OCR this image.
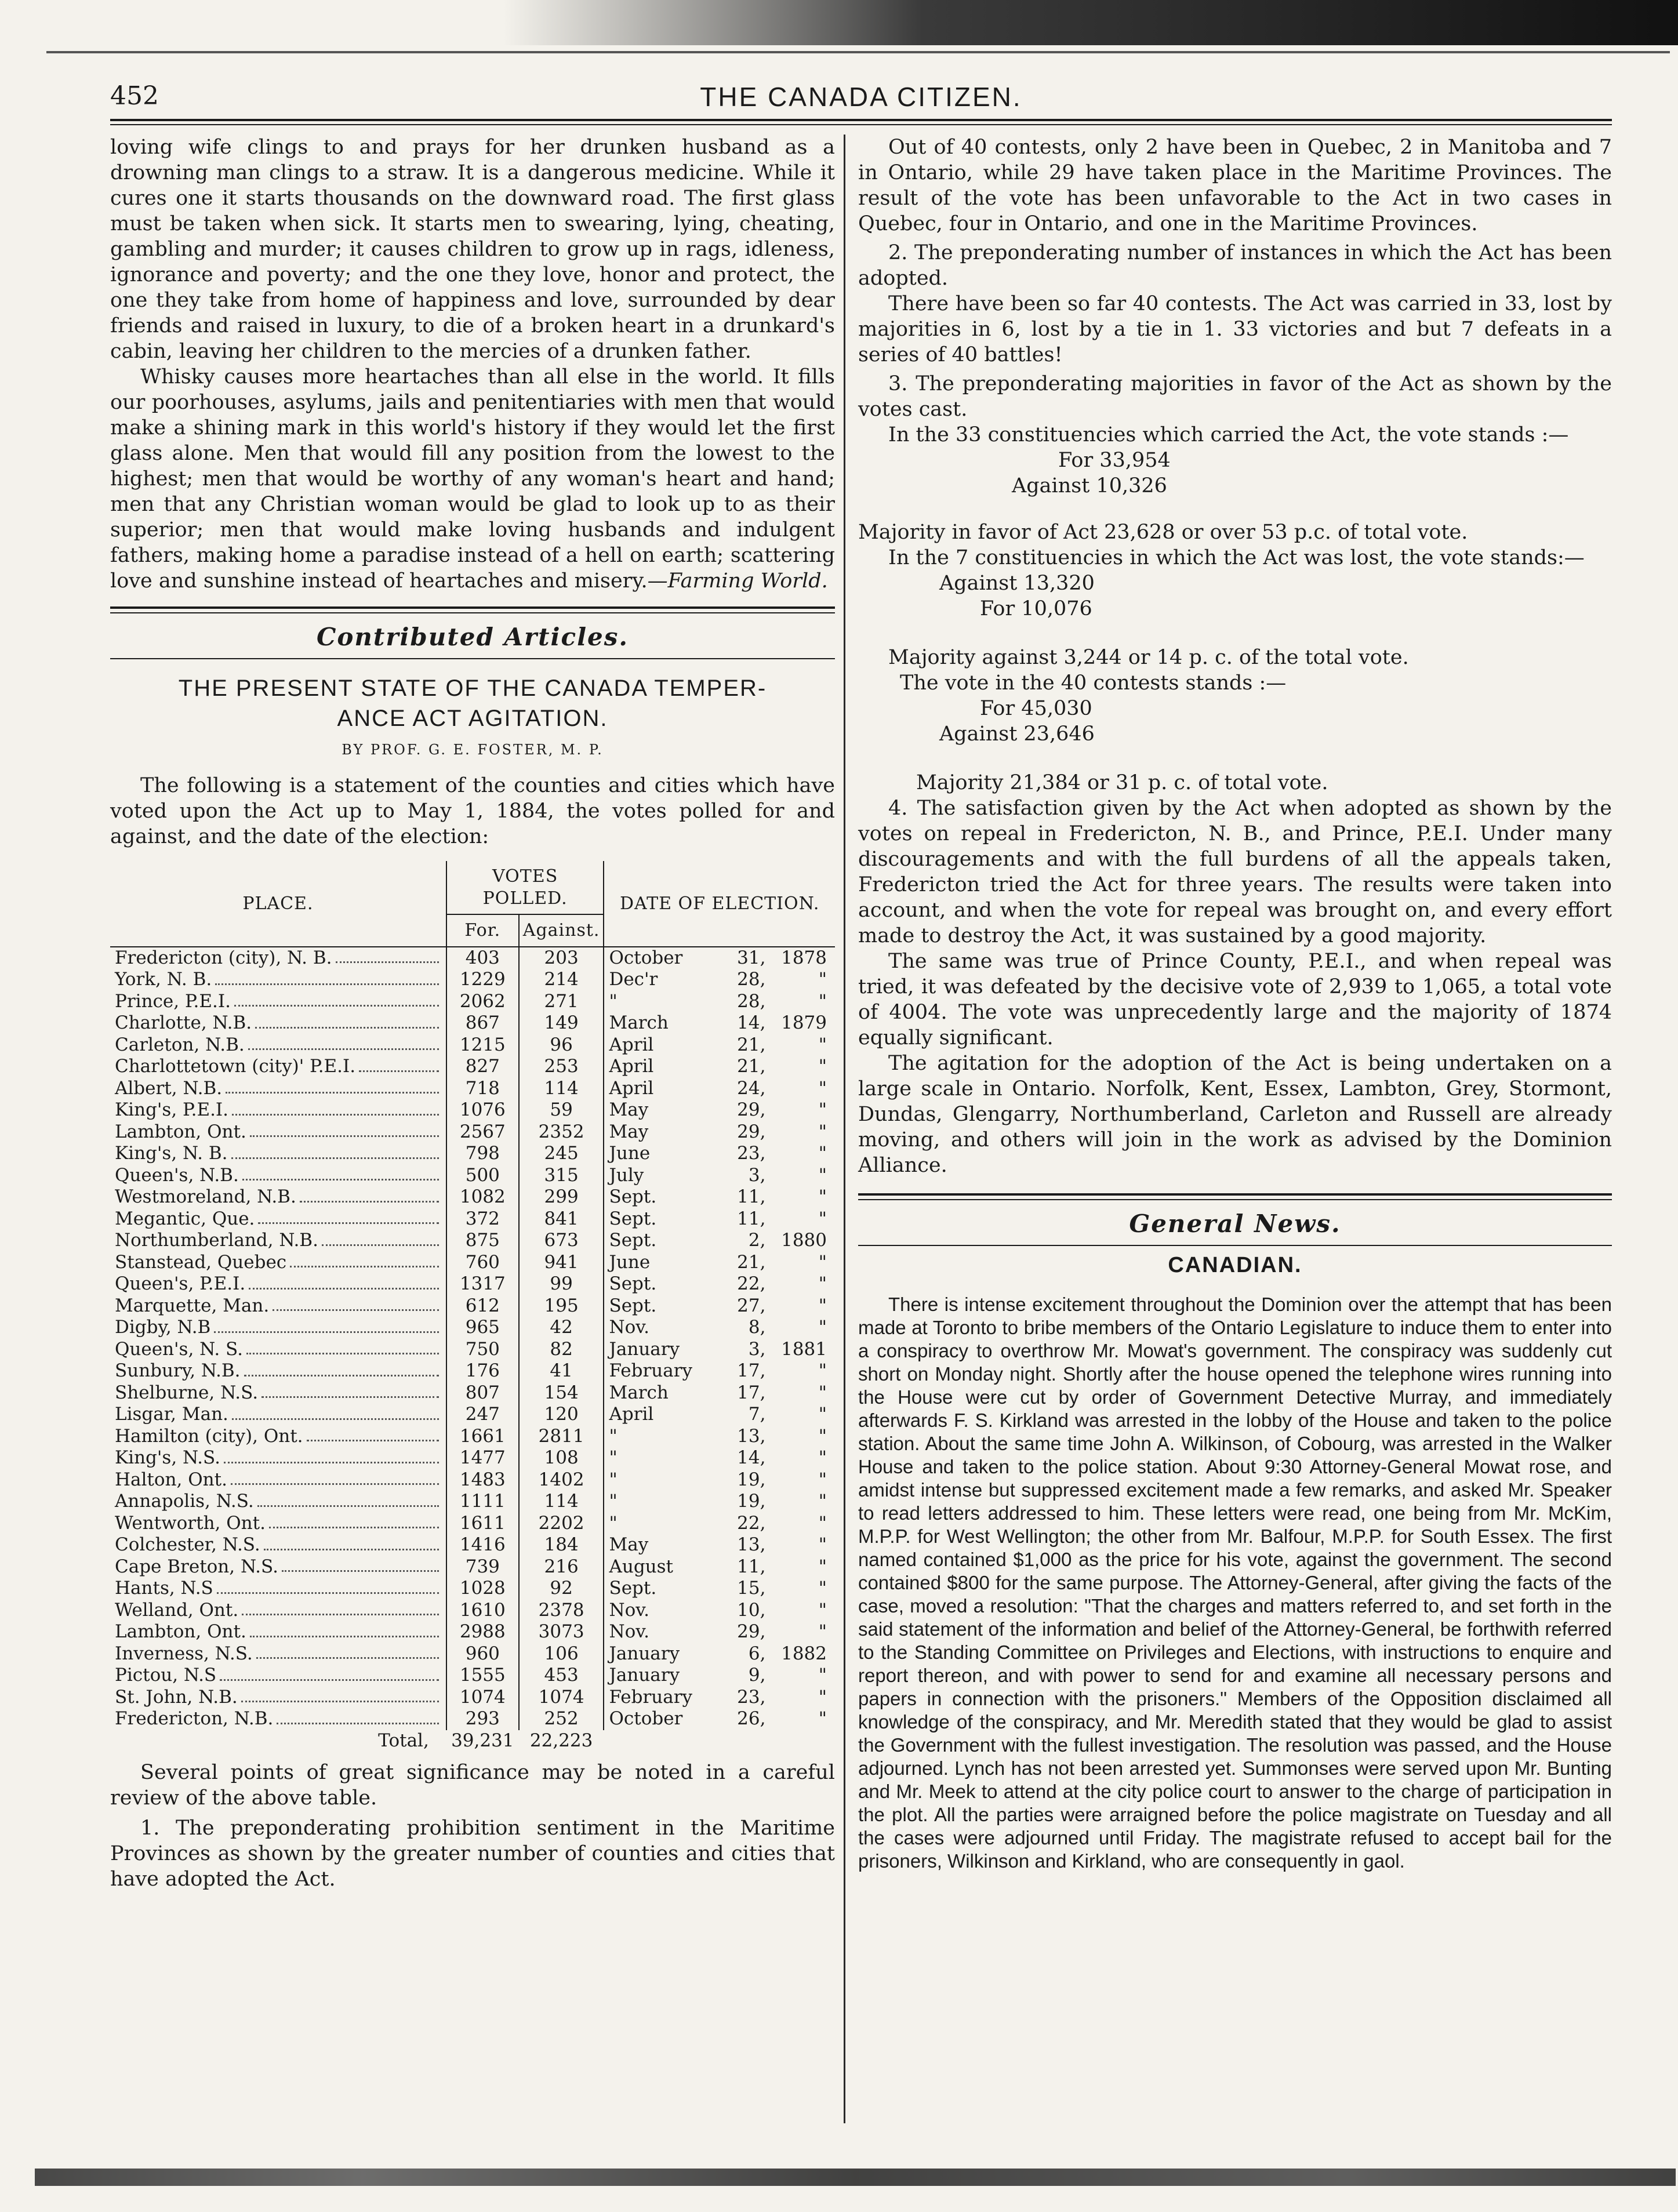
452	THE CANADA CITIZEN.

loving wife clings to and prays for her drunken husband as a drowning man clings to a straw. It is a dangerous medicine. While it cures one it starts thousands on the downward road. The first glass must be taken when sick. It starts men to swearing, lying, cheating, gambling and murder; it causes children to grow up in rags, idleness, ignorance and poverty; and the one they love, honor and protect, the one they take from home of happiness and love, surrounded by dear friends and raised in luxury, to die of a broken heart in a drunkard's cabin, leaving her children to the mercies of a drunken father.

Whisky causes more heartaches than all else in the world. It fills our poorhouses, asylums, jails and penitentiaries with men that would make a shining mark in this world's history if they would let the first glass alone. Men that would fill any position from the lowest to the highest; men that would be worthy of any woman's heart and hand; men that any Christian woman would be glad to look up to as their superior; men that would make loving husbands and indulgent fathers, making home a paradise instead of a hell on earth; scattering love and sunshine instead of heartaches and misery.—Farming World.

Contributed Articles.
THE PRESENT STATE OF THE CANADA TEMPER-
ANCE ACT AGITATION.
BY PROF. G. E. FOSTER, M. P.

The following is a statement of the counties and cities which have voted upon the Act up to May 1, 1884, the votes polled for and against, and the date of the election:

PLACE.	VOTES POLLED.		DATE OF ELECTION.
	For.	Against.	

Fredericton (city), N. B.	403	203	October 31, 1878

York, N. B.	1229	214	Dec'r 28, "

Prince, P.E.I.	2062	271	" 28, "

Charlotte, N.B.	867	149	March 14, 1879

Carleton, N.B.	1215	96	April 21, "

Charlottetown (city)' P.E.I.	827	253	April 21, "

Albert, N.B.	718	114	April 24, "

King's, P.E.I.	1076	59	May 29, "

Lambton, Ont.	2567	2352	May 29, "

King's, N. B.	798	245	June 23, "

Queen's, N.B.	500	315	July 3, "

Westmoreland, N.B.	1082	299	Sept. 11, "

Megantic, Que.	372	841	Sept. 11, "

Northumberland, N.B.	875	673	Sept. 2, 1880

Stanstead, Quebec	760	941	June 21, "

Queen's, P.E.I.	1317	99	Sept. 22, "

Marquette, Man.	612	195	Sept. 27, "

Digby, N.B	965	42	Nov. 8, "

Queen's, N. S.	750	82	January 3, 1881

Sunbury, N.B.	176	41	February 17, "

Shelburne, N.S.	807	154	March 17, "

Lisgar, Man.	247	120	April 7, "

Hamilton (city), Ont.	1661	2811	" 13, "

King's, N.S.	1477	108	" 14, "

Halton, Ont.	1483	1402	" 19, "

Annapolis, N.S.	1111	114	" 19, "

Wentworth, Ont.	1611	2202	" 22, "

Colchester, N.S.	1416	184	May 13, "

Cape Breton, N.S.	739	216	August 11, "

Hants, N.S	1028	92	Sept. 15, "

Welland, Ont.	1610	2378	Nov. 10, "

Lambton, Ont.	2988	3073	Nov. 29, "

Inverness, N.S.	960	106	January 6, 1882

Pictou, N.S	1555	453	January 9, "

St. John, N.B.	1074	1074	February 23, "

Fredericton, N.B.	293	252	October 26, "

Total,	39,231	22,223	

Several points of great significance may be noted in a careful review of the above table.

1. The preponderating prohibition sentiment in the Maritime Provinces as shown by the greater number of counties and cities that have adopted the Act.

Out of 40 contests, only 2 have been in Quebec, 2 in Manitoba and 7 in Ontario, while 29 have taken place in the Maritime Provinces. The result of the vote has been unfavorable to the Act in two cases in Quebec, four in Ontario, and one in the Maritime Provinces.

2. The preponderating number of instances in which the Act has been adopted.

There have been so far 40 contests. The Act was carried in 33, lost by majorities in 6, lost by a tie in 1. 33 victories and but 7 defeats in a series of 40 battles!

3. The preponderating majorities in favor of the Act as shown by the votes cast.

In the 33 constituencies which carried the Act, the vote stands :—

For 33,954
Against 10,326

Majority in favor of Act 23,628 or over 53 p.c. of total vote.

In the 7 constituencies in which the Act was lost, the vote stands:—

Against 13,320
For 10,076

Majority against 3,244 or 14 p. c. of the total vote.

The vote in the 40 contests stands :—

For 45,030
Against 23,646

Majority 21,384 or 31 p. c. of total vote.

4. The satisfaction given by the Act when adopted as shown by the votes on repeal in Fredericton, N. B., and Prince, P.E.I. Under many discouragements and with the full burdens of all the appeals taken, Fredericton tried the Act for three years. The results were taken into account, and when the vote for repeal was brought on, and every effort made to destroy the Act, it was sustained by a good majority.

The same was true of Prince County, P.E.I., and when repeal was tried, it was defeated by the decisive vote of 2,939 to 1,065, a total vote of 4004. The vote was unprecedently large and the majority of 1874 equally significant.

The agitation for the adoption of the Act is being undertaken on a large scale in Ontario. Norfolk, Kent, Essex, Lambton, Grey, Stormont, Dundas, Glengarry, Northumberland, Carleton and Russell are already moving, and others will join in the work as advised by the Dominion Alliance.

General News.
CANADIAN.

There is intense excitement throughout the Dominion over the attempt that has been made at Toronto to bribe members of the Ontario Legislature to induce them to enter into a conspiracy to overthrow Mr. Mowat's government. The conspiracy was suddenly cut short on Monday night. Shortly after the house opened the telephone wires running into the House were cut by order of Government Detective Murray, and immediately afterwards F. S. Kirkland was arrested in the lobby of the House and taken to the police station. About the same time John A. Wilkinson, of Cobourg, was arrested in the Walker House and taken to the police station. About 9:30 Attorney-General Mowat rose, and amidst intense but suppressed excitement made a few remarks, and asked Mr. Speaker to read letters addressed to him. These letters were read, one being from Mr. McKim, M.P.P. for West Wellington; the other from Mr. Balfour, M.P.P. for South Essex. The first named contained $1,000 as the price for his vote, against the government. The second contained $800 for the same purpose. The Attorney-General, after giving the facts of the case, moved a resolution: "That the charges and matters referred to, and set forth in the said statement of the information and belief of the Attorney-General, be forthwith referred to the Standing Committee on Privileges and Elections, with instructions to enquire and report thereon, and with power to send for and examine all necessary persons and papers in connection with the prisoners." Members of the Opposition disclaimed all knowledge of the conspiracy, and Mr. Meredith stated that they would be glad to assist the Government with the fullest investigation. The resolution was passed, and the House adjourned. Lynch has not been arrested yet. Summonses were served upon Mr. Bunting and Mr. Meek to attend at the city police court to answer to the charge of participation in the plot. All the parties were arraigned before the police magistrate on Tuesday and all the cases were adjourned until Friday. The magistrate refused to accept bail for the prisoners, Wilkinson and Kirkland, who are consequently in gaol.
